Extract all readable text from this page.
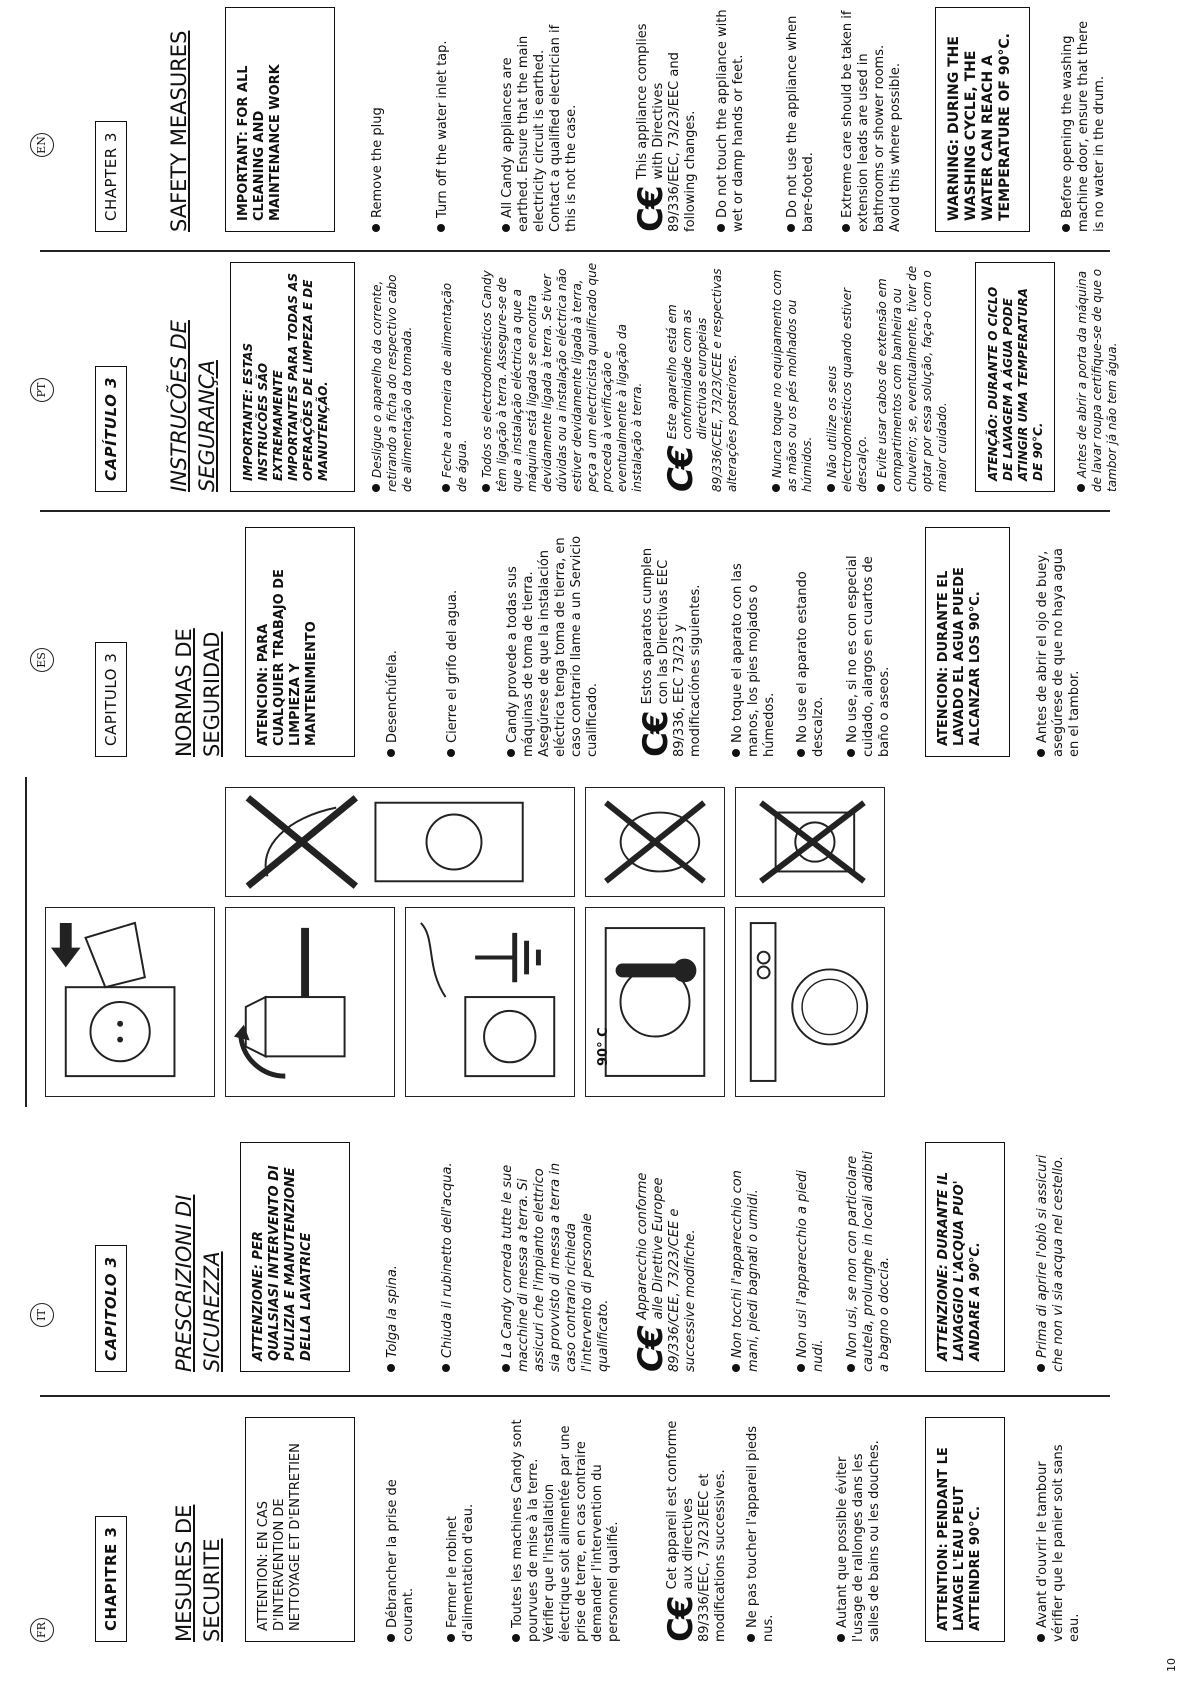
FR	CHAPITRE 3	MESURES DE SECURITE	ATTENTION: EN CAS D'INTERVENTION DE NETTOYAGE ET D'ENTRETIEN	Débrancher la prise de courant. Fermer le robinet d'alimentation d'eau.	Toutes les machines Candy sont pourvues de mise à la terre. Vérifier que l'installation électrique soit alimentée par une prise de terre, en cas contraire demander l'intervention du personnel qualifié. C€
Cet appareil est conforme aux directives 89/336/EEC, 73/23/EEC et modifications successives. Ne pas toucher l'appareil pieds nus.
Autant que possible éviter l'usage de rallonges dans les salles de bains ou les douches.	ATTENTION: PENDANT LE LAVAGE L'EAU PEUT ATTEINDRE 90°C.	Avant d'ouvrir le tambour vérifier que le panier soit sans eau.
IT	CAPITOLO 3	PRESCRIZIONI DI SICUREZZA	ATTENZIONE: PER QUALSIASI INTERVENTO DI PULIZIA E MANUTENZIONE DELLA LAVATRICE	Tolga la spina.	Chiuda il rubinetto dell'acqua.	La Candy correda tutte le sue macchine di messa a terra. Si assicuri che l'impianto elettrico sia provvisto di messa a terra in caso contrario richieda l'intervento di personale qualificato. C€
Apparecchio conforme alle Direttive Europee 89/336/CEE, 73/23/CEE e successive modifiche. Non tocchi l'apparecchio con mani, piedi bagnati o umidi.	Non usi l'apparecchio a piedi nudi. Non usi, se non con particolare cautela, prolunghe in locali adibiti a bagno o doccia.	ATTENZIONE: DURANTE IL LAVAGGIO L'ACQUA PUO' ANDARE A 90°C.	Prima di aprire l'oblò si assicuri che non vi sia acqua nel cestello.
90° C
ES	CAPITULO 3	NORMAS DE SEGURIDAD	ATENCION: PARA CUALQUIER TRABAJO DE LIMPIEZA Y MANTENIMIENTO	Desenchúfela.	Cierre el grifo del agua.	Candy provede a todas sus máquinas de toma de tierra. Asegúrese de que la instalación eléctrica tenga toma de tierra, en caso contrario llame a un Servicio cualificado. C€
Estos aparatos cumplen con las Directivas EEC 89/336, EEC 73/23 y modificaciónes siguientes. No toque el aparato con las manos, los pies mojados o húmedos. No use el aparato estando descalzo. No use, si no es con especial cuidado, alargos en cuartos de baño o aseos.	ATENCION: DURANTE EL LAVADO EL AGUA PUEDE ALCANZAR LOS 90°C.	Antes de abrir el ojo de buey, asegúrese de que no haya agua en el tambor.
PT	CAPÍTULO 3	INSTRUCÕES DE SEGURANÇA	IMPORTANTE: ESTAS INSTRUCÕES SÃO EXTREMAMENTE IMPORTANTES PARA TODAS AS OPERAÇÕES DE LIMPEZA E DE MANUTENÇÃO.	Desligue o aparelho da corrente, retirando a ficha do respectivo cabo de alimentação da tomada. Feche a torneira de alimentação de água. Todos os electrodomésticos Candy têm ligação à terra. Assegure-se de que a instalação eléctrica a que a máquina está ligada se encontra devidamente ligada à terra. Se tiver dúvidas ou a instalação eléctrica não estiver devidamente ligada à terra, peça a um electricista qualificado que proceda à verificação e eventualmente à ligação da instalação à terra. C€
Este aparelho está em conformidade com as directivas europeias 89/336/CEE, 73/23/CEE e respectivas alterações posteriores.	Nunca toque no equipamento com as mãos ou os pés molhados ou húmidos. Não utilize os seus electrodomésticos quando estiver descalço. Evite usar cabos de extensão em compartimentos com banheira ou chuveiro; se, eventualmente, tiver de optar por essa solução, faça-o com o maior cuidado.	ATENÇÃO: DURANTE O CICLO DE LAVAGEM A ÁGUA PODE ATINGIR UMA TEMPERATURA DE 90°C.	Antes de abrir a porta da máquina de lavar roupa certifique-se de que o tambor já não tem água.
EN	CHAPTER 3	SAFETY MEASURES	IMPORTANT: FOR ALL CLEANING AND MAINTENANCE WORK	Remove the plug	Turn off the water inlet tap.	All Candy appliances are earthed. Ensure that the main electricity circuit is earthed. Contact a qualified electrician if this is not the case. C€
This appliance complies with Directives 89/336/EEC, 73/23/EEC and following changes. Do not touch the appliance with wet or damp hands or feet.	Do not use the appliance when bare-footed. Extreme care should be taken if extension leads are used in bathrooms or shower rooms. Avoid this where possible.	WARNING: DURING THE WASHING CYCLE, THE WATER CAN REACH A TEMPERATURE OF 90°C.	Before opening the washing machine door, ensure that there is no water in the drum.
10
